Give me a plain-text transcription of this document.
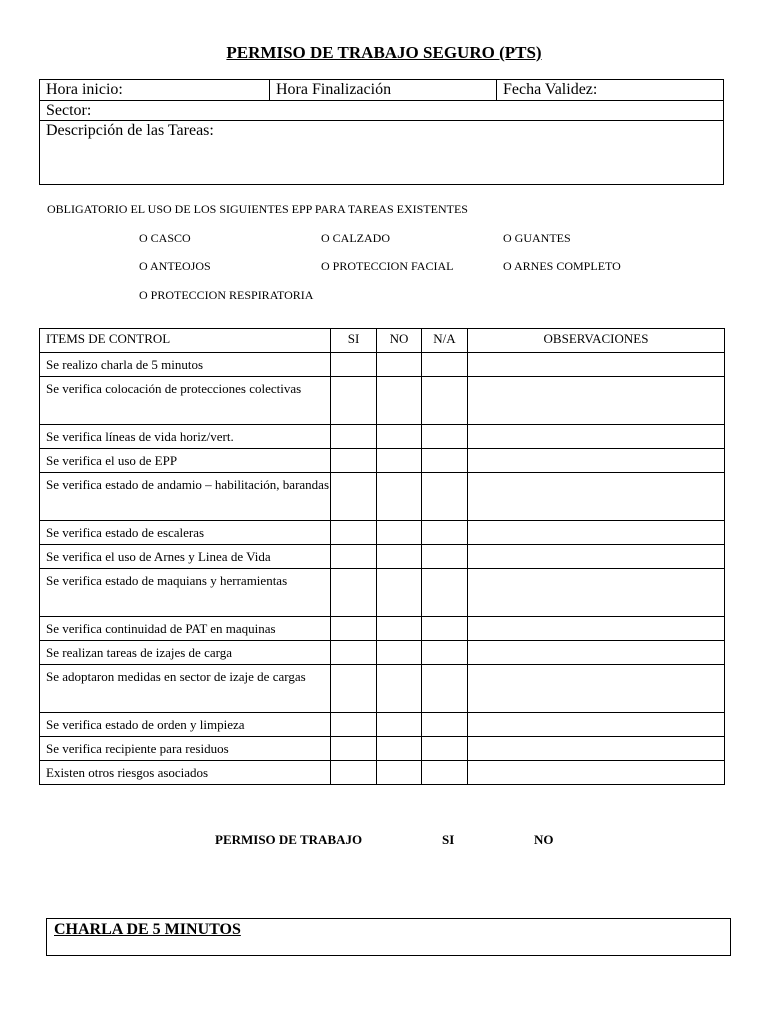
PERMISO DE TRABAJO SEGURO (PTS)
Hora inicio:	Hora Finalización	Fecha Validez:
Sector:
Descripción de las Tareas:
OBLIGATORIO EL USO DE LOS SIGUIENTES EPP PARA TAREAS EXISTENTES
O CASCO	O CALZADO	O GUANTES
O ANTEOJOS	O PROTECCION FACIAL	O ARNES COMPLETO
O PROTECCION RESPIRATORIA
ITEMS DE CONTROL	SI	NO	N/A	OBSERVACIONES
Se realizo charla de 5 minutos				
Se verifica colocación de protecciones colectivas				
Se verifica líneas de vida horiz/vert.				
Se verifica el uso de EPP				
Se verifica estado de andamio – habilitación, barandas				
Se verifica estado de escaleras				
Se verifica el uso de Arnes y Linea de Vida				
Se verifica estado de maquians y herramientas				
Se verifica continuidad de PAT en maquinas				
Se realizan tareas de izajes de carga				
Se adoptaron medidas en sector de izaje de cargas				
Se verifica estado de orden y limpieza				
Se verifica recipiente para residuos				
Existen otros riesgos asociados				
PERMISO DE TRABAJO	SI	NO
CHARLA DE 5 MINUTOS
